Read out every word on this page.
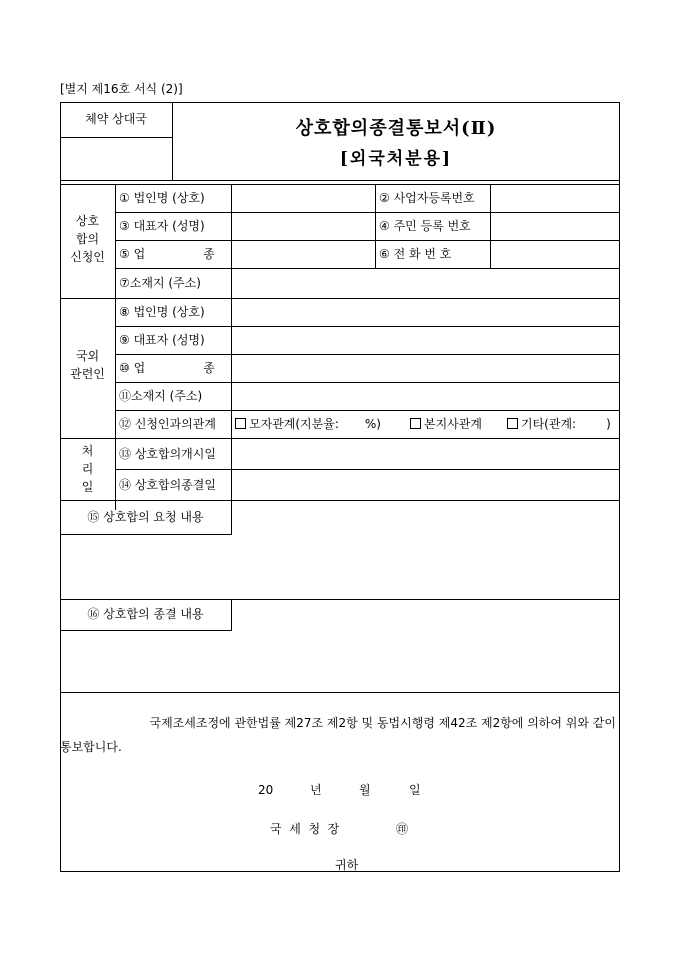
[별지 제16호 서식 (2)]
체약 상대국	상호합의종결통보서(Ⅱ)
[외국처분용]
상호
합의
신청인
① 법인명 (상호)	② 사업자등록번호
③ 대표자 (성명)	④ 주민 등록 번호
⑤ 업	종	⑥ 전 화 번 호
⑦소재지 (주소)
국외
관련인
⑧ 법인명 (상호)
⑨ 대표자 (성명)
⑩ 업	종
⑪소재지 (주소)
⑫ 신청인과의관계	모자관계(지분율: %)	본지사관계	기타(관계:	)
처
리
일
⑬ 상호합의개시일
⑭ 상호합의종결일
⑮ 상호합의 요청 내용
⑯ 상호합의 종결 내용
국제조세조정에 관한법률 제27조 제2항 및 동법시행령 제42조 제2항에 의하여 위와 같이
통보합니다.
20	년	월	일
국  세  청  장	㊞
귀하
